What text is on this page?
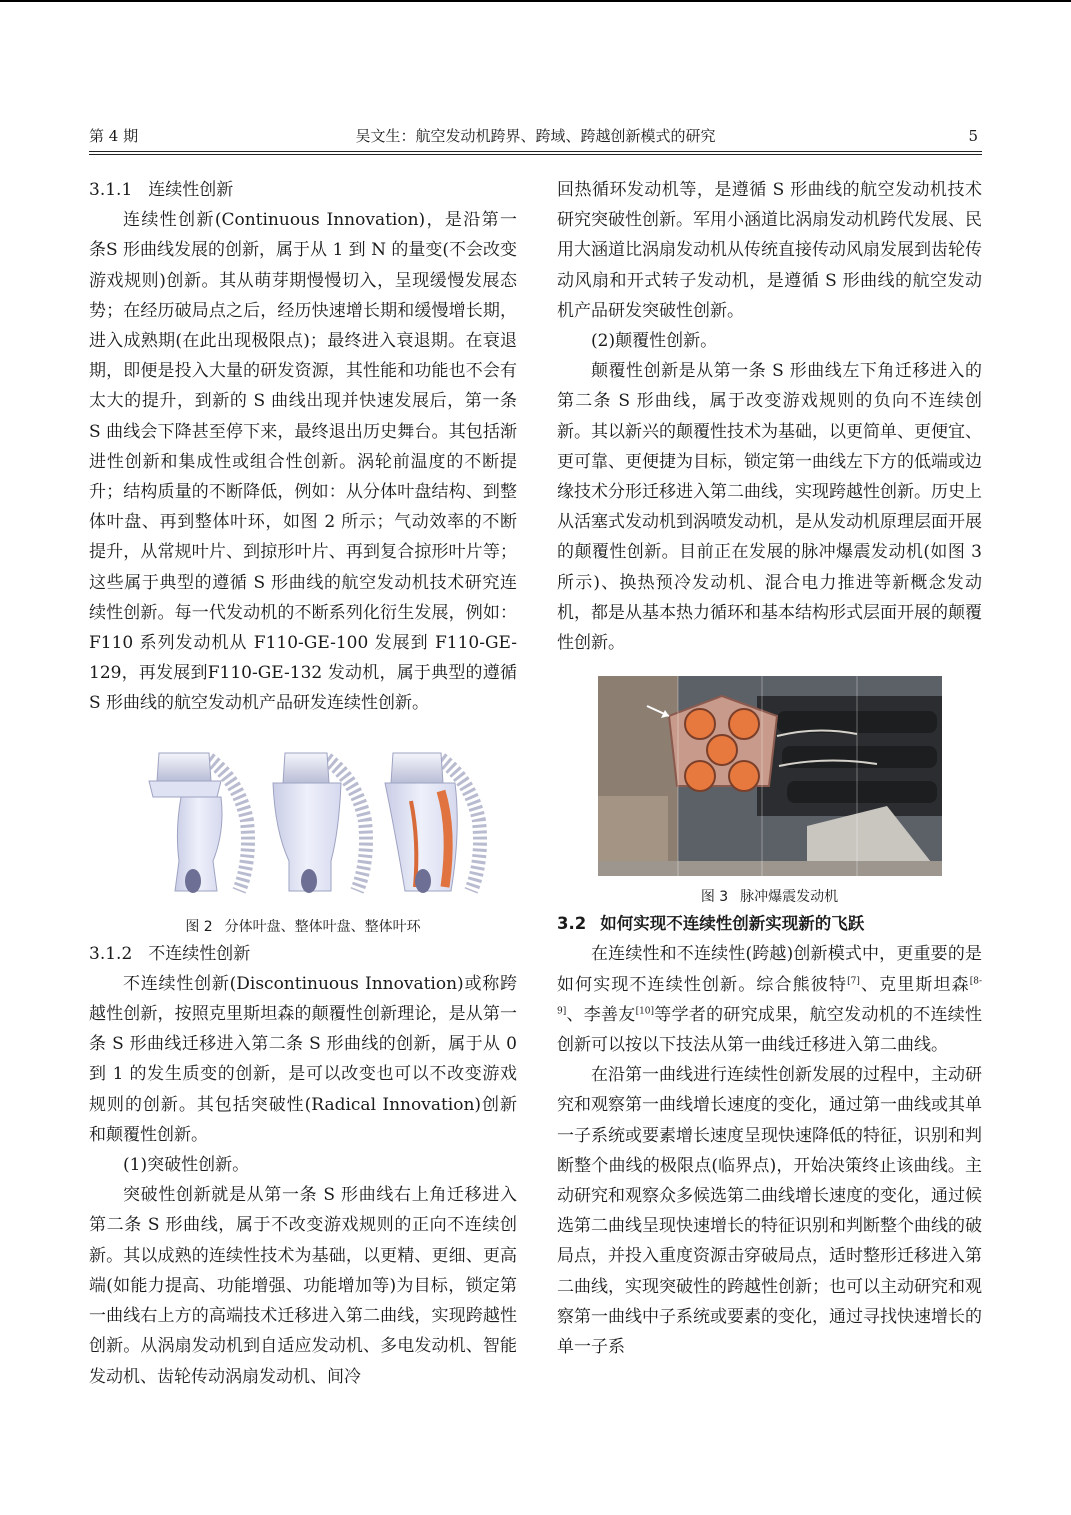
第 4 期	吴文生：航空发动机跨界、跨域、跨越创新模式的研究	5

3.1.1 连续性创新

连续性创新(Continuous Innovation)，是沿第一条S 形曲线发展的创新，属于从 1 到 N 的量变(不会改变游戏规则)创新。其从萌芽期慢慢切入，呈现缓慢发展态势；在经历破局点之后，经历快速增长期和缓慢增长期，进入成熟期(在此出现极限点)；最终进入衰退期。在衰退期，即便是投入大量的研发资源，其性能和功能也不会有太大的提升，到新的 S 曲线出现并快速发展后，第一条 S 曲线会下降甚至停下来，最终退出历史舞台。其包括渐进性创新和集成性或组合性创新。涡轮前温度的不断提升；结构质量的不断降低，例如：从分体叶盘结构、到整体叶盘、再到整体叶环，如图 2 所示；气动效率的不断提升，从常规叶片、到掠形叶片、再到复合掠形叶片等；这些属于典型的遵循 S 形曲线的航空发动机技术研究连续性创新。每一代发动机的不断系列化衍生发展，例如：F110 系列发动机从 F110-GE-100 发展到 F110-GE-129，再发展到F110-GE-132 发动机，属于典型的遵循 S 形曲线的航空发动机产品研发连续性创新。

图 2 分体叶盘、整体叶盘、整体叶环

3.1.2 不连续性创新

不连续性创新(Discontinuous Innovation)或称跨越性创新，按照克里斯坦森的颠覆性创新理论，是从第一条 S 形曲线迁移进入第二条 S 形曲线的创新，属于从 0 到 1 的发生质变的创新，是可以改变也可以不改变游戏规则的创新。其包括突破性(Radical Innovation)创新和颠覆性创新。

(1)突破性创新。

突破性创新就是从第一条 S 形曲线右上角迁移进入第二条 S 形曲线，属于不改变游戏规则的正向不连续创新。其以成熟的连续性技术为基础，以更精、更细、更高端(如能力提高、功能增强、功能增加等)为目标，锁定第一曲线右上方的高端技术迁移进入第二曲线，实现跨越性创新。从涡扇发动机到自适应发动机、多电发动机、智能发动机、齿轮传动涡扇发动机、间冷

回热循环发动机等，是遵循 S 形曲线的航空发动机技术研究突破性创新。军用小涵道比涡扇发动机跨代发展、民用大涵道比涡扇发动机从传统直接传动风扇发展到齿轮传动风扇和开式转子发动机，是遵循 S 形曲线的航空发动机产品研发突破性创新。

(2)颠覆性创新。

颠覆性创新是从第一条 S 形曲线左下角迁移进入的第二条 S 形曲线，属于改变游戏规则的负向不连续创新。其以新兴的颠覆性技术为基础，以更简单、更便宜、更可靠、更便捷为目标，锁定第一曲线左下方的低端或边缘技术分形迁移进入第二曲线，实现跨越性创新。历史上从活塞式发动机到涡喷发动机，是从发动机原理层面开展的颠覆性创新。目前正在发展的脉冲爆震发动机(如图 3 所示)、换热预冷发动机、混合电力推进等新概念发动机，都是从基本热力循环和基本结构形式层面开展的颠覆性创新。

图 3 脉冲爆震发动机

3.2 如何实现不连续性创新实现新的飞跃

在连续性和不连续性(跨越)创新模式中，更重要的是如何实现不连续性创新。综合熊彼特[7]、克里斯坦森[8-9]、李善友[10]等学者的研究成果，航空发动机的不连续性创新可以按以下技法从第一曲线迁移进入第二曲线。

在沿第一曲线进行连续性创新发展的过程中，主动研究和观察第一曲线增长速度的变化，通过第一曲线或其单一子系统或要素增长速度呈现快速降低的特征，识别和判断整个曲线的极限点(临界点)，开始决策终止该曲线。主动研究和观察众多候选第二曲线增长速度的变化，通过候选第二曲线呈现快速增长的特征识别和判断整个曲线的破局点，并投入重度资源击穿破局点，适时整形迁移进入第二曲线，实现突破性的跨越性创新；也可以主动研究和观察第一曲线中子系统或要素的变化，通过寻找快速增长的单一子系
